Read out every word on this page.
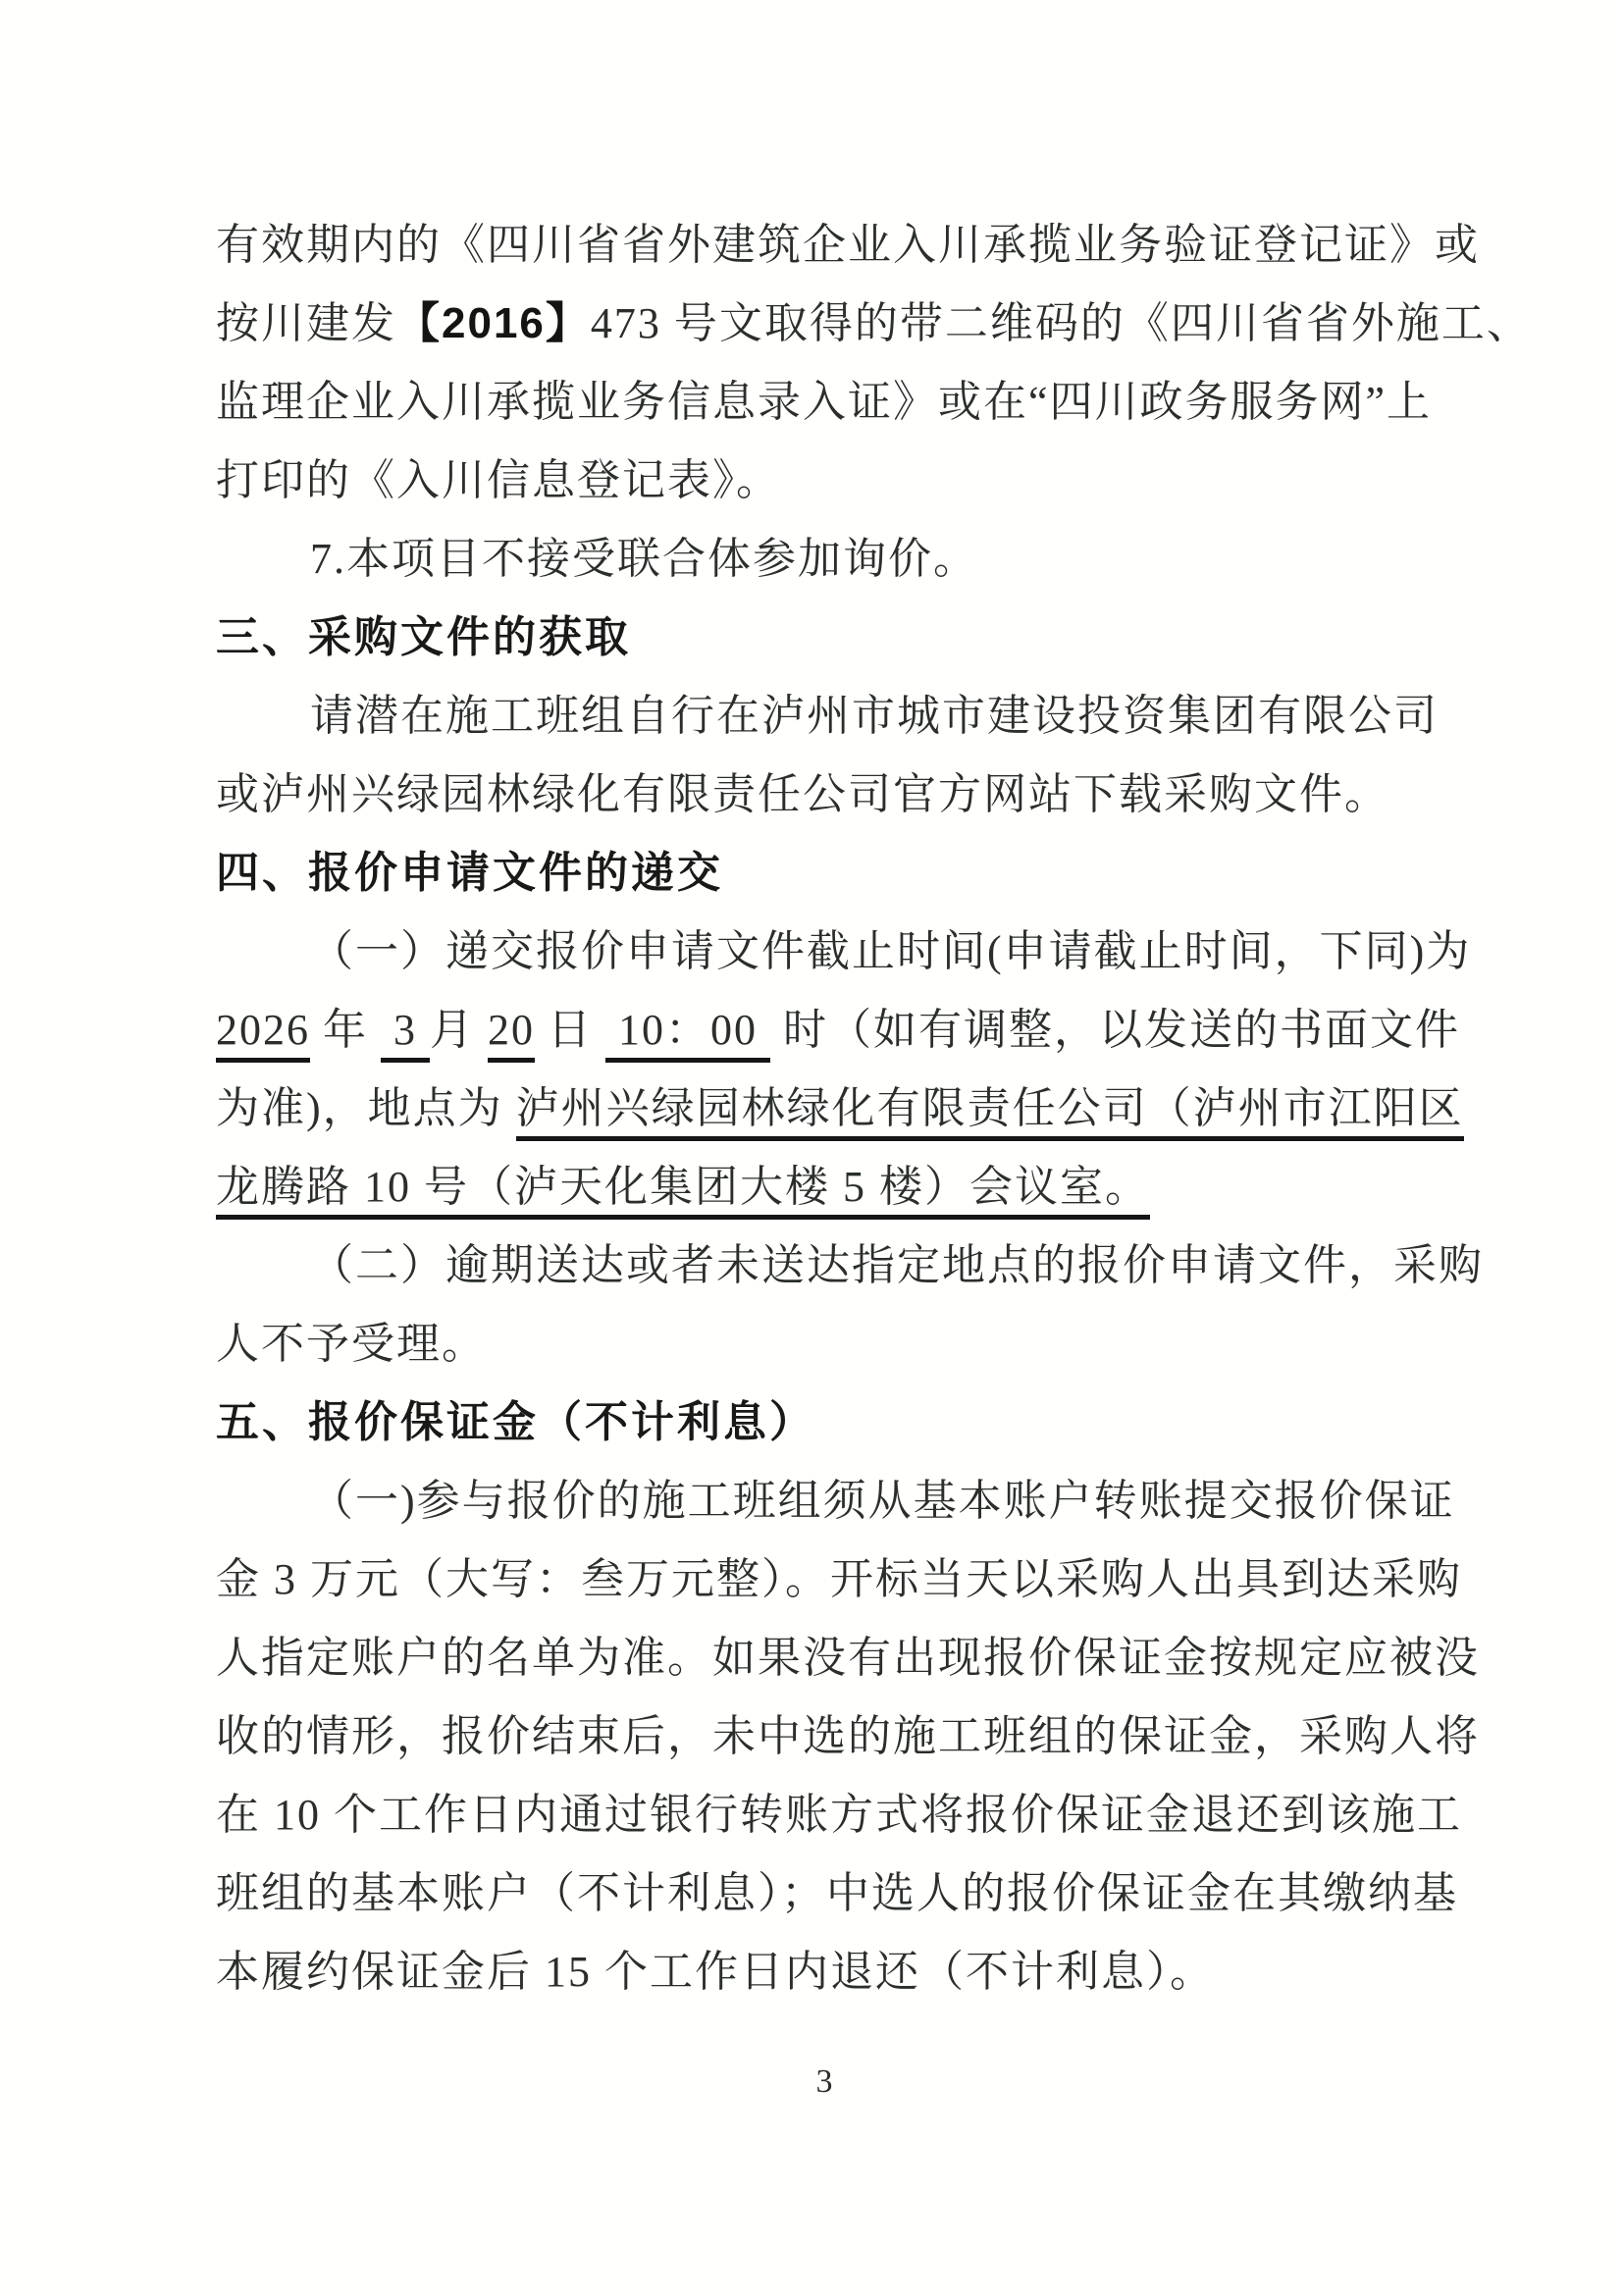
有效期内的《四川省省外建筑企业入川承揽业务验证登记证》或
按川建发【2016】473 号文取得的带二维码的《四川省省外施工、
监理企业入川承揽业务信息录入证》或在“四川政务服务网”上
打印的《入川信息登记表》。
7.本项目不接受联合体参加询价。
三、采购文件的获取
请潜在施工班组自行在泸州市城市建设投资集团有限公司
或泸州兴绿园林绿化有限责任公司官方网站下载采购文件。
四、报价申请文件的递交
（一）递交报价申请文件截止时间(申请截止时间，下同)为
2026 年  3 月 20 日  10：00  时（如有调整，以发送的书面文件
为准)，地点为 泸州兴绿园林绿化有限责任公司（泸州市江阳区
龙腾路 10 号（泸天化集团大楼 5 楼）会议室。
（二）逾期送达或者未送达指定地点的报价申请文件，采购
人不予受理。
五、报价保证金（不计利息）
（一)参与报价的施工班组须从基本账户转账提交报价保证
金 3 万元（大写：叁万元整）。开标当天以采购人出具到达采购
人指定账户的名单为准。如果没有出现报价保证金按规定应被没
收的情形，报价结束后，未中选的施工班组的保证金，采购人将
在 10 个工作日内通过银行转账方式将报价保证金退还到该施工
班组的基本账户（不计利息）；中选人的报价保证金在其缴纳基
本履约保证金后 15 个工作日内退还（不计利息）。
3
